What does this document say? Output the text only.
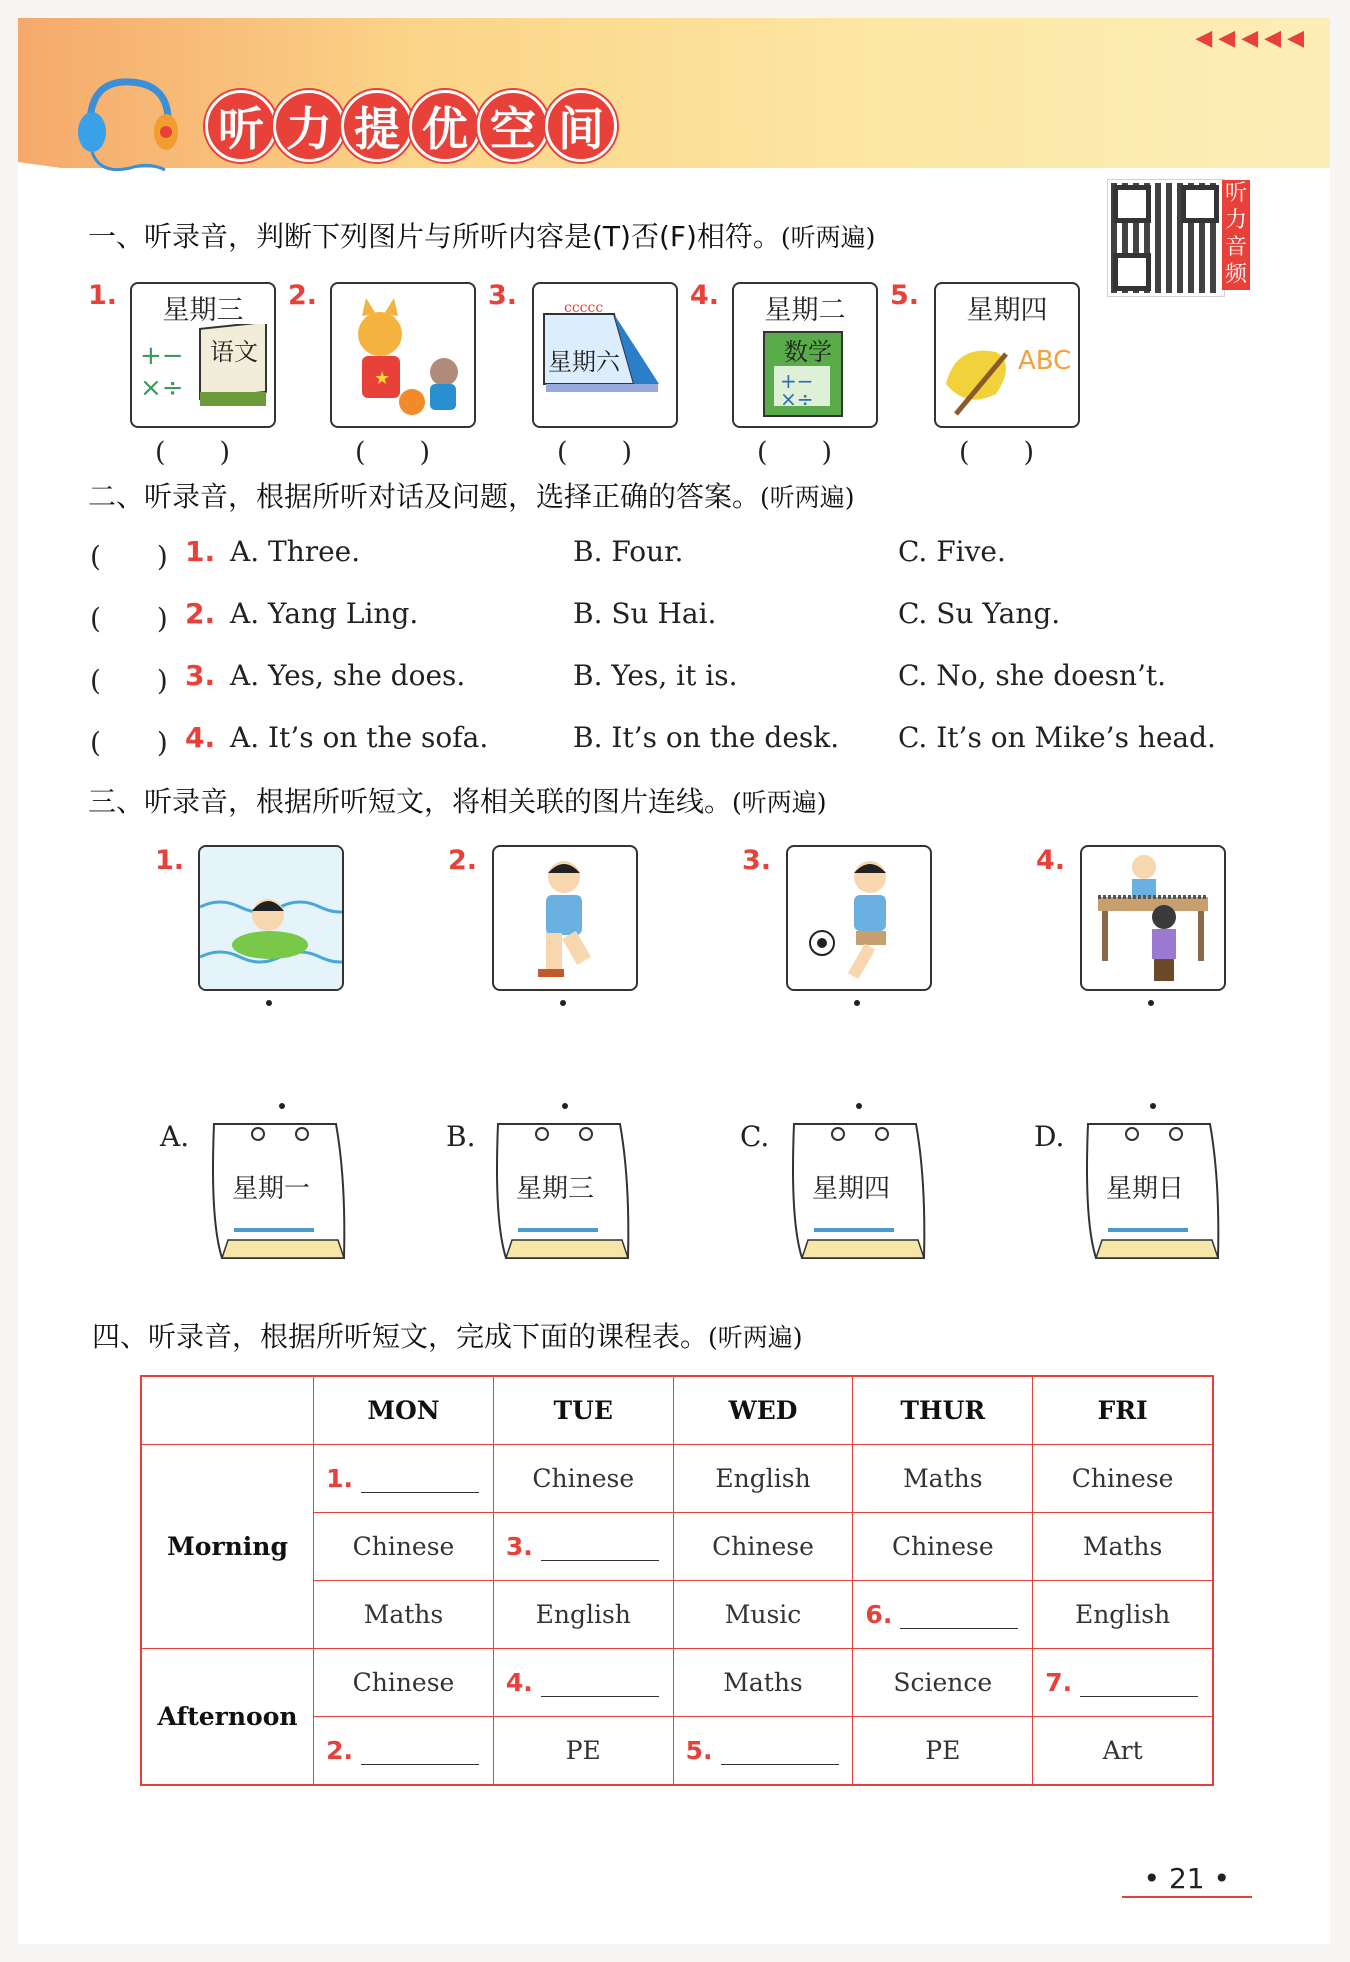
◀◀◀◀◀
听 力 提 优 空 间
听力音频
一、听录音，判断下列图片与所听内容是(T)否(F)相符。(听两遍)
1.	星期三
+−
×÷
语文
(　　)
2.
★
(　　)
3.	ccccc
星期六
(　　)
4.	星期二
+−
×÷
数学
(　　)
5.	星期四
ABC
(　　)
二、听录音，根据所听对话及问题，选择正确的答案。(听两遍)
(　　) 1. A. Three.	B. Four.	C. Five.
(　　) 2. A. Yang Ling.	B. Su Hai.	C. Su Yang.
(　　) 3. A. Yes, she does.	B. Yes, it is.	C. No, she doesn’t.
(　　) 4. A. It’s on the sofa.	B. It’s on the desk. C. It’s on Mike’s head.
三、听录音，根据所听短文，将相关联的图片连线。(听两遍)
1.	2.	3.	4.
A.
星期一
B.
星期三
C.
星期四
D.
星期日
四、听录音，根据所听短文，完成下面的课程表。(听两遍)
	MON	TUE	WED	THUR	FRI
Morning	1.	Chinese	English	Maths	Chinese
	Chinese	3.	Chinese	Chinese	Maths
	Maths	English	Music	6.	English
Afternoon	Chinese	4.	Maths	Science	7.
	2.	PE	5.	PE	Art
• 21 •
